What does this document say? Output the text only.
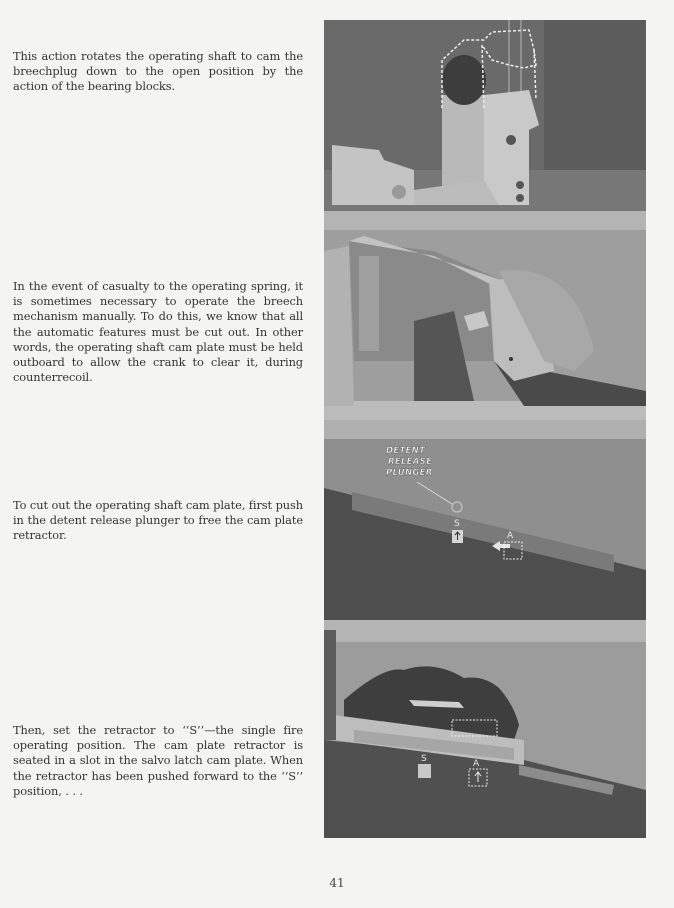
This action rotates the operating shaft to cam the breechplug down to the open position by the action of the bearing blocks.

In the event of casualty to the operating spring, it is sometimes necessary to operate the breech mechanism manually. To do this, we know that all the automatic features must be cut out. In other words, the operating shaft cam plate must be held outboard to allow the crank to clear it, during counterrecoil.

To cut out the operating shaft cam plate, first push in the detent release plunger to free the cam plate retractor.

Then, set the retractor to ‘‘S’’—the single fire operating position. The cam plate retractor is seated in a slot in the salvo latch cam plate. When the retractor has been pushed forward to the ‘‘S’’ position, . . .

DETENT
RELEASE
PLUNGER
S
A
S	A
41
